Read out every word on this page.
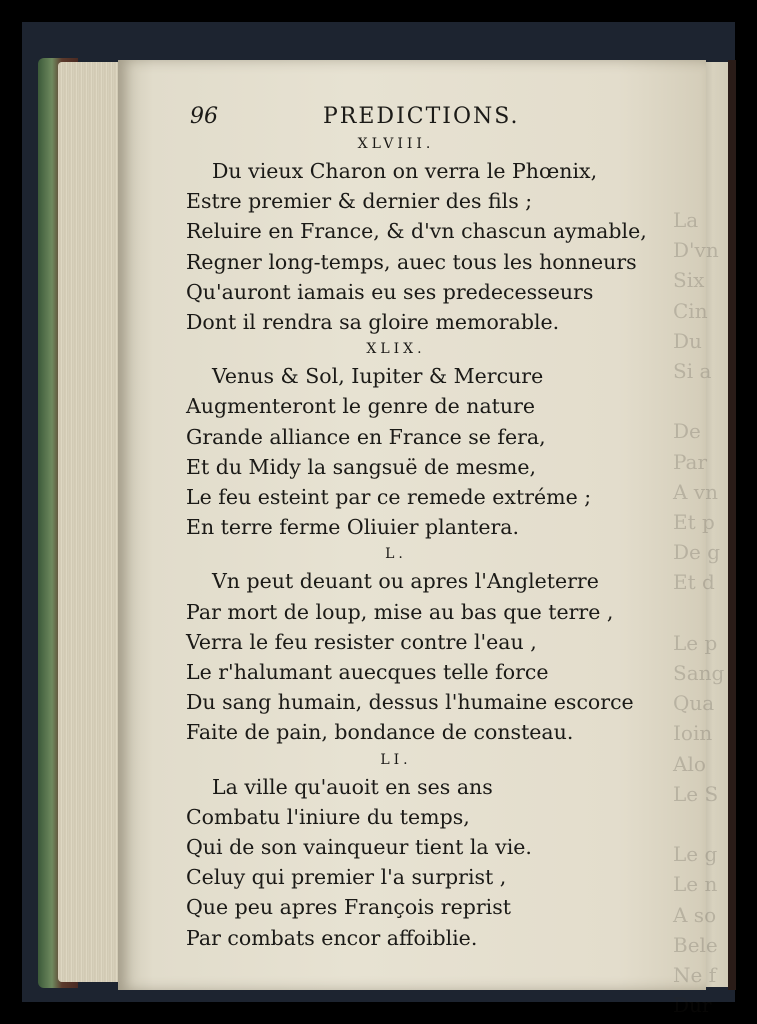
La
D'vn
Six
Cin
Du
Si a

De
Par
A vn
Et p
De g
Et d

Le p
Sang
Qua
Ioin
Alo
Le S

Le g
Le n
A so
Bele
Ne f
Dur
96	PREDICTIONS.
XLVIII.
Du vieux Charon on verra le Phœnix,
Estre premier & dernier des fils ;
Reluire en France, & d'vn chascun aymable,
Regner long-temps, auec tous les honneurs
Qu'auront iamais eu ses predecesseurs
Dont il rendra sa gloire memorable.
XLIX.
Venus & Sol, Iupiter & Mercure
Augmenteront le genre de nature
Grande alliance en France se fera,
Et du Midy la sangsuë de mesme,
Le feu esteint par ce remede extréme ;
En terre ferme Oliuier plantera.
L.
Vn peut deuant ou apres l'Angleterre
Par mort de loup, mise au bas que terre ,
Verra le feu resister contre l'eau ,
Le r'halumant auecques telle force
Du sang humain, dessus l'humaine escorce
Faite de pain, bondance de consteau.
LI.
La ville qu'auoit en ses ans
Combatu l'iniure du temps,
Qui de son vainqueur tient la vie.
Celuy qui premier l'a surprist ,
Que peu apres François reprist
Par combats encor affoiblie.
